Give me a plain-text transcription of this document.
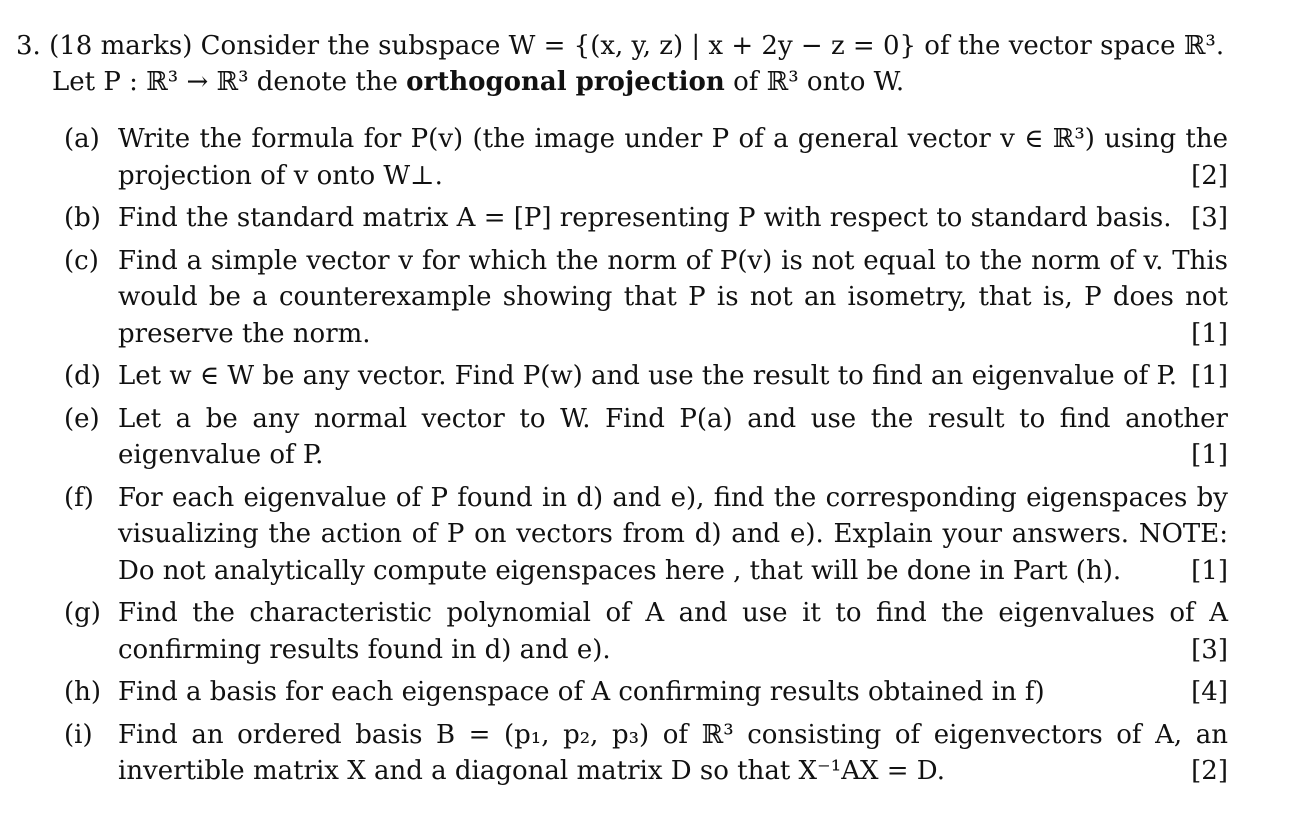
3. (18 marks) Consider the subspace W = {(x, y, z) | x + 2y − z = 0} of the vector space ℝ³.
Let P : ℝ³ → ℝ³ denote the orthogonal projection of ℝ³ onto W.
(a) Write the formula for P(v) (the image under P of a general vector v ∈ ℝ³) using the projection of v onto W⊥.	[2]
(b) Find the standard matrix A = [P] representing P with respect to standard basis. [3]
(c) Find a simple vector v for which the norm of P(v) is not equal to the norm of v. This would be a counterexample showing that P is not an isometry, that is, P does not preserve the norm.	[1]
(d) Let w ∈ W be any vector. Find P(w) and use the result to find an eigenvalue of P. [1]
(e) Let a be any normal vector to W. Find P(a) and use the result to find another eigenvalue of P.	[1]
(f) For each eigenvalue of P found in d) and e), find the corresponding eigenspaces by visualizing the action of P on vectors from d) and e). Explain your answers. NOTE: Do not analytically compute eigenspaces here , that will be done in Part (h).	[1]
(g) Find the characteristic polynomial of A and use it to find the eigenvalues of A confirming results found in d) and e).	[3]
(h) Find a basis for each eigenspace of A confirming results obtained in f)	[4]
(i) Find an ordered basis B = (p₁, p₂, p₃) of ℝ³ consisting of eigenvectors of A, an invertible matrix X and a diagonal matrix D so that X⁻¹AX = D.	[2]
